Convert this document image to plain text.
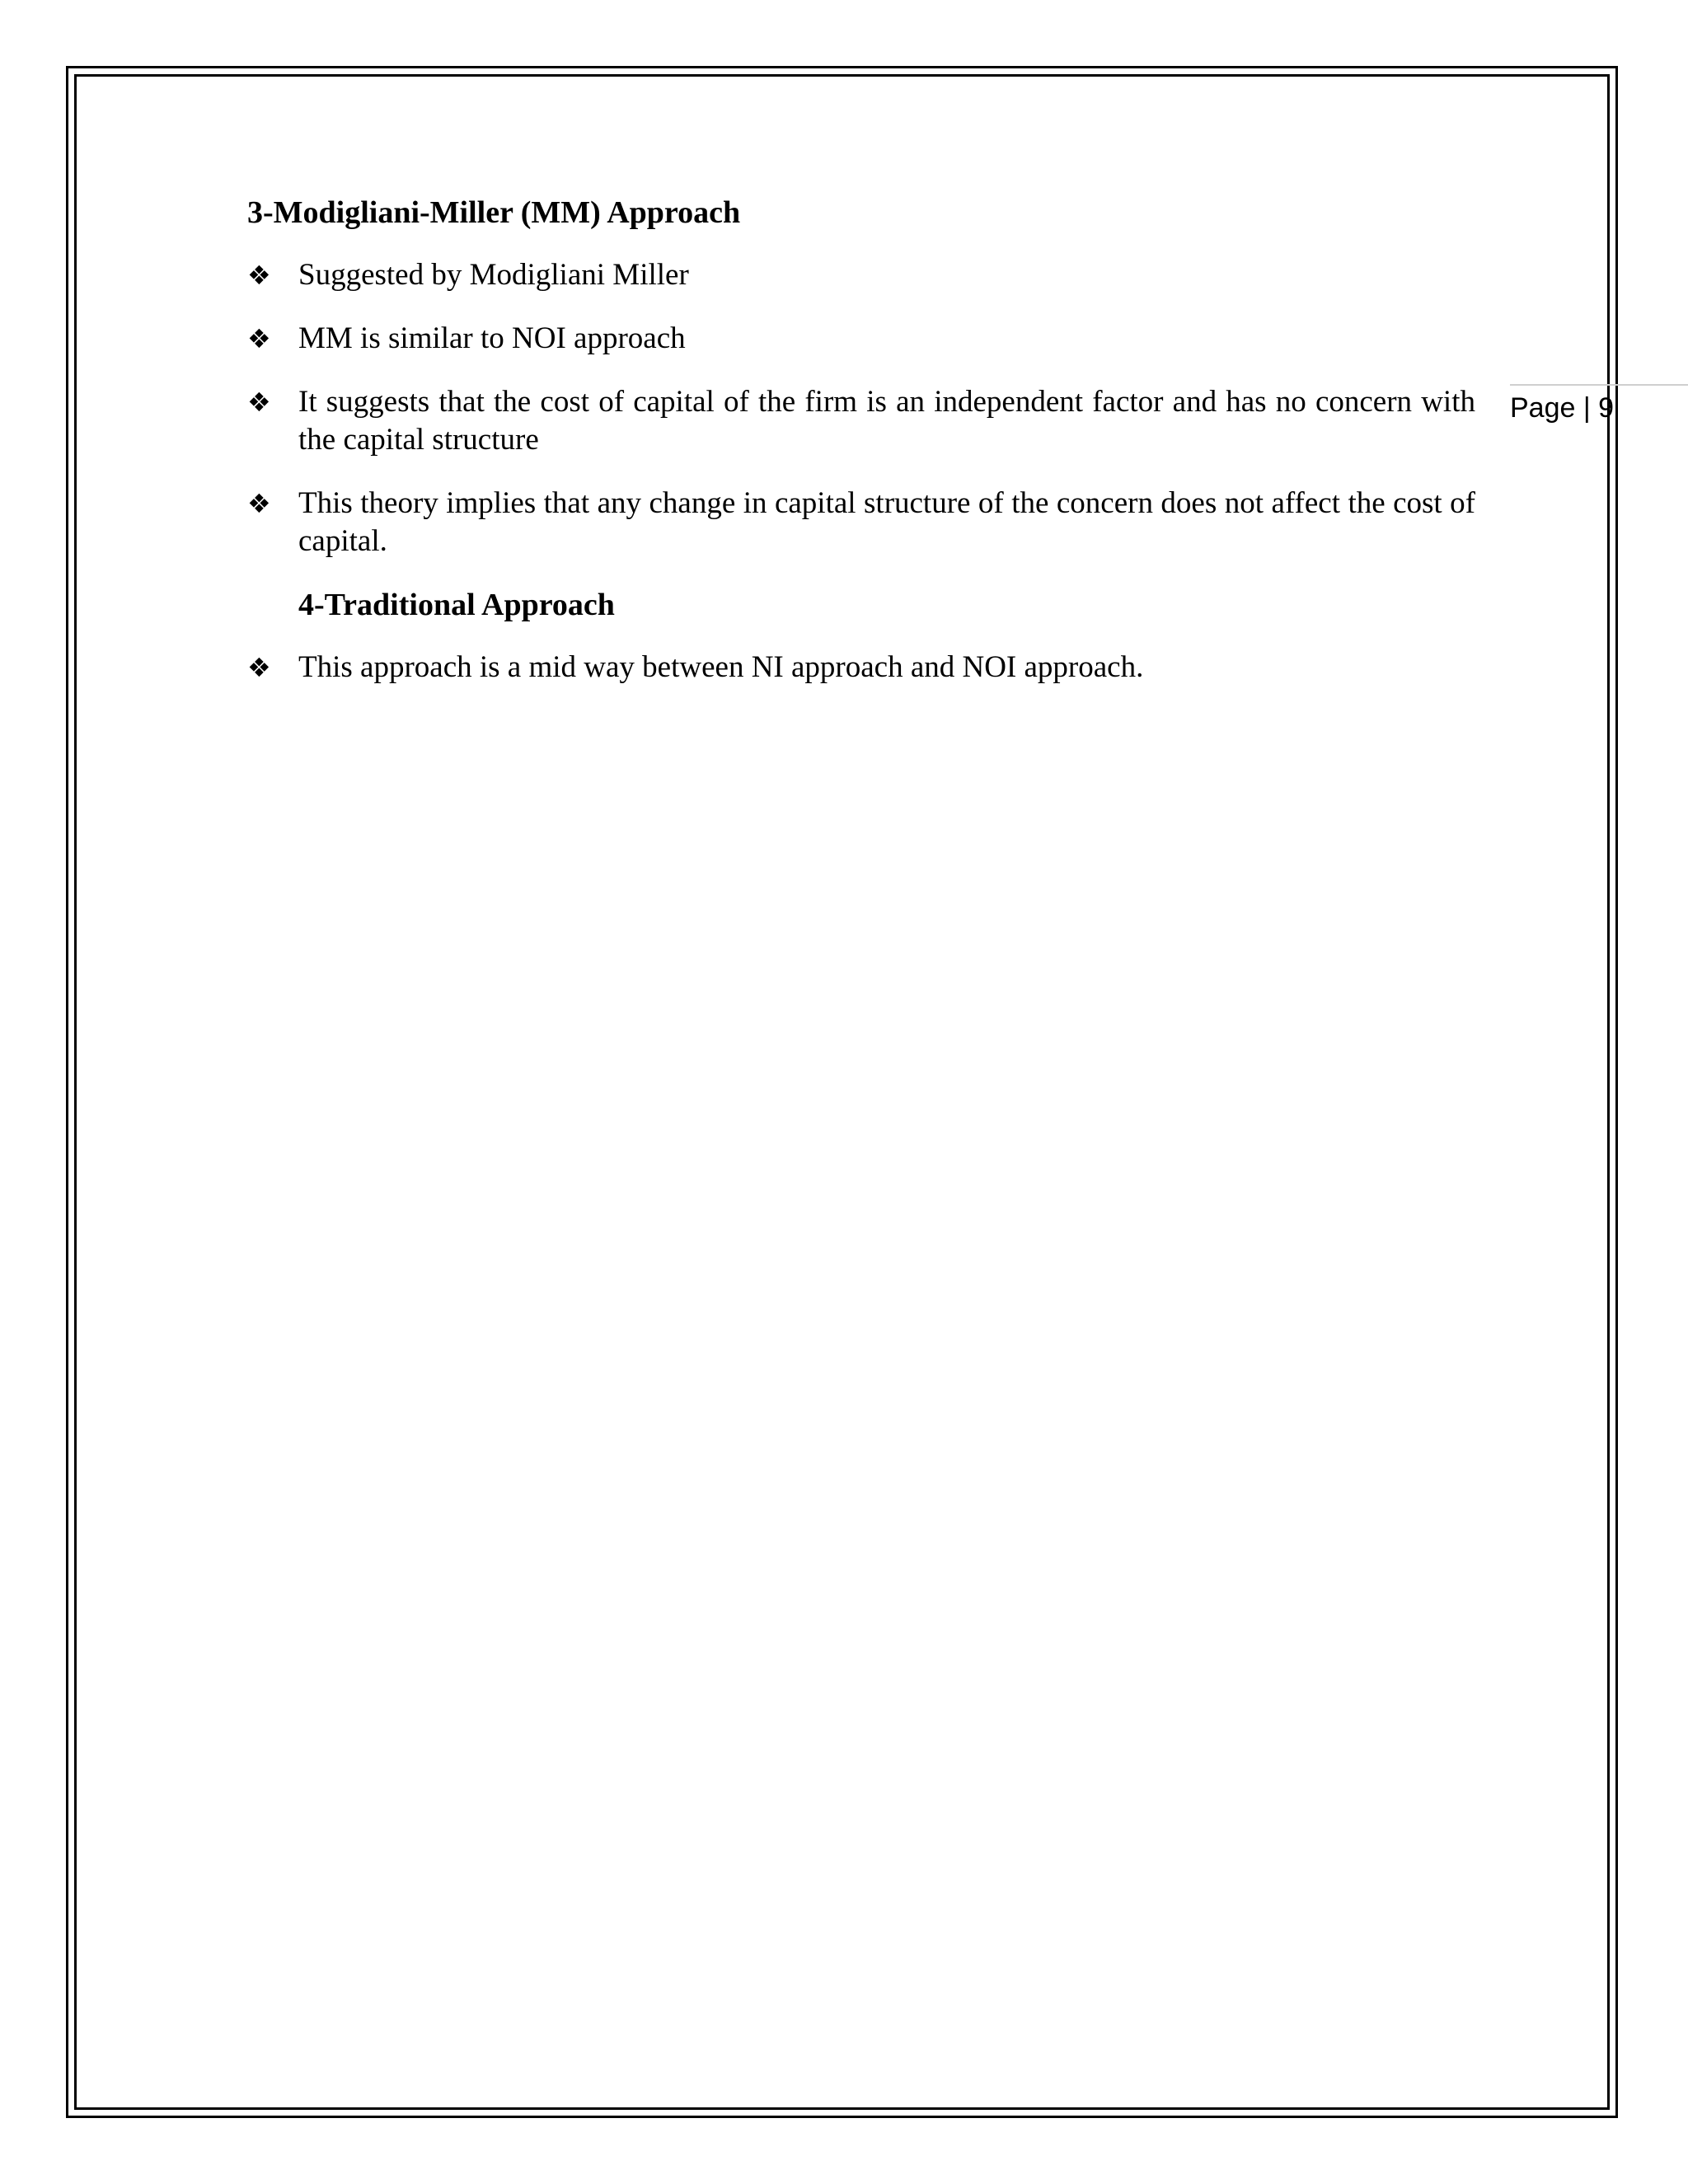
3-Modigliani-Miller (MM) Approach
❖ Suggested by Modigliani Miller
❖ MM is similar to NOI approach
❖ It suggests that the cost of capital of the firm is an independent factor and has no concern with the capital structure
❖ This theory implies that any change in capital structure of the concern does not affect the cost of capital.
4-Traditional Approach
❖ This approach is a mid way between NI approach and NOI approach.
Page | 9
